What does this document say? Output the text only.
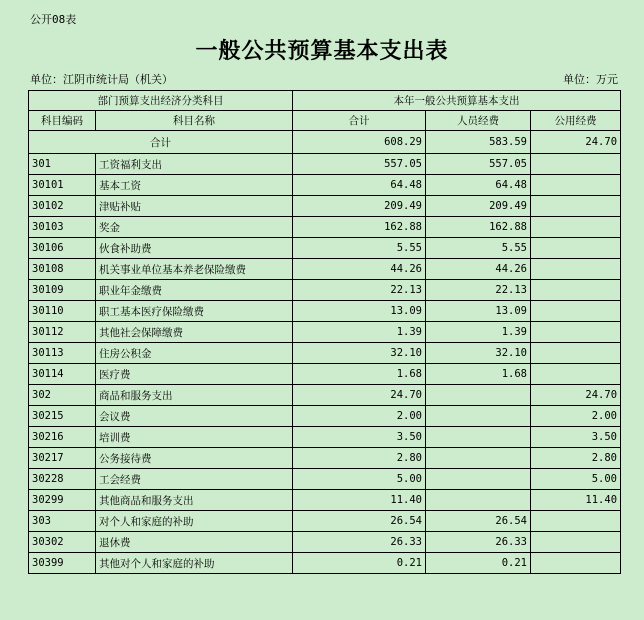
公开08表
一般公共预算基本支出表
单位：江阴市统计局（机关）	单位：万元
部门预算支出经济分类科目		本年一般公共预算基本支出		
科目编码	科目名称	合计	人员经费	公用经费
合计		608.29	583.59	24.70
301	工资福利支出	557.05	557.05	
30101	基本工资	64.48	64.48	
30102	津贴补贴	209.49	209.49	
30103	奖金	162.88	162.88	
30106	伙食补助费	5.55	5.55	
30108	机关事业单位基本养老保险缴费	44.26	44.26	
30109	职业年金缴费	22.13	22.13	
30110	职工基本医疗保险缴费	13.09	13.09	
30112	其他社会保障缴费	1.39	1.39	
30113	住房公积金	32.10	32.10	
30114	医疗费	1.68	1.68	
302	商品和服务支出	24.70		24.70
30215	会议费	2.00		2.00
30216	培训费	3.50		3.50
30217	公务接待费	2.80		2.80
30228	工会经费	5.00		5.00
30299	其他商品和服务支出	11.40		11.40
303	对个人和家庭的补助	26.54	26.54	
30302	退休费	26.33	26.33	
30399	其他对个人和家庭的补助	0.21	0.21	
